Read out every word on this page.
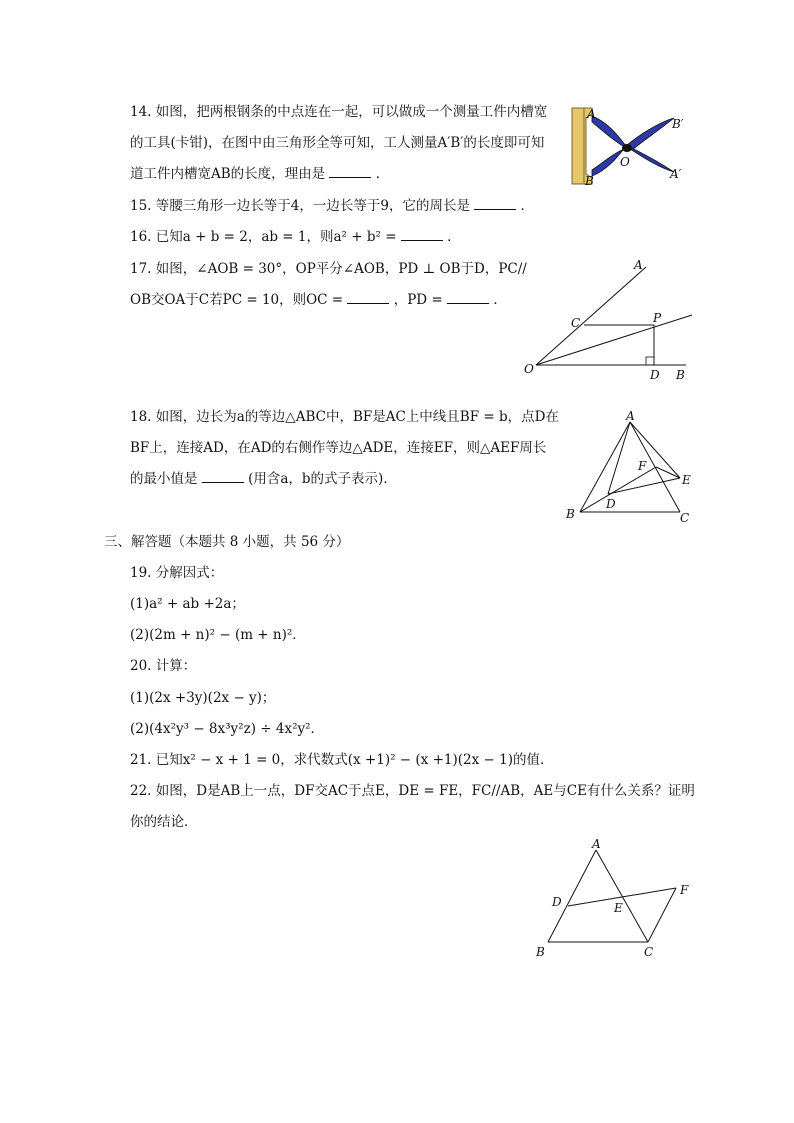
14. 如图，把两根钢条的中点连在一起，可以做成一个测量工件内槽宽
的工具(卡钳)，在图中由三角形全等可知，工人测量A′B′的长度即可知
道工件内槽宽AB的长度，理由是	．
A
B
O
B′
A′
15. 等腰三角形一边长等于4，一边长等于9，它的周长是	．
16. 已知a + b = 2，ab = 1，则a² + b² =	．
17. 如图，∠AOB = 30°，OP平分∠AOB，PD ⊥ OB于D，PC//
OB交OA于C若PC = 10，则OC =	，PD =	．
A
C	P
O	D B
18. 如图，边长为a的等边△ABC中，BF是AC上中线且BF = b，点D在
BF上，连接AD，在AD的右侧作等边△ADE，连接EF，则△AEF周长
的最小值是	(用含a，b的式子表示)．
A
B	C
D
E
F
三、解答题（本题共 8 小题，共 56 分）
19. 分解因式：
(1)a² + ab +2a；
(2)(2m + n)² − (m + n)²．
20. 计算：
(1)(2x +3y)(2x − y)；
(2)(4x²y³ − 8x³y²z) ÷ 4x²y²．
21. 已知x² − x + 1 = 0，求代数式(x +1)² − (x +1)(2x − 1)的值．
22. 如图，D是AB上一点，DF交AC于点E，DE = FE，FC//AB，AE与CE有什么关系？证明
你的结论．
A
B	C
D	E
F
